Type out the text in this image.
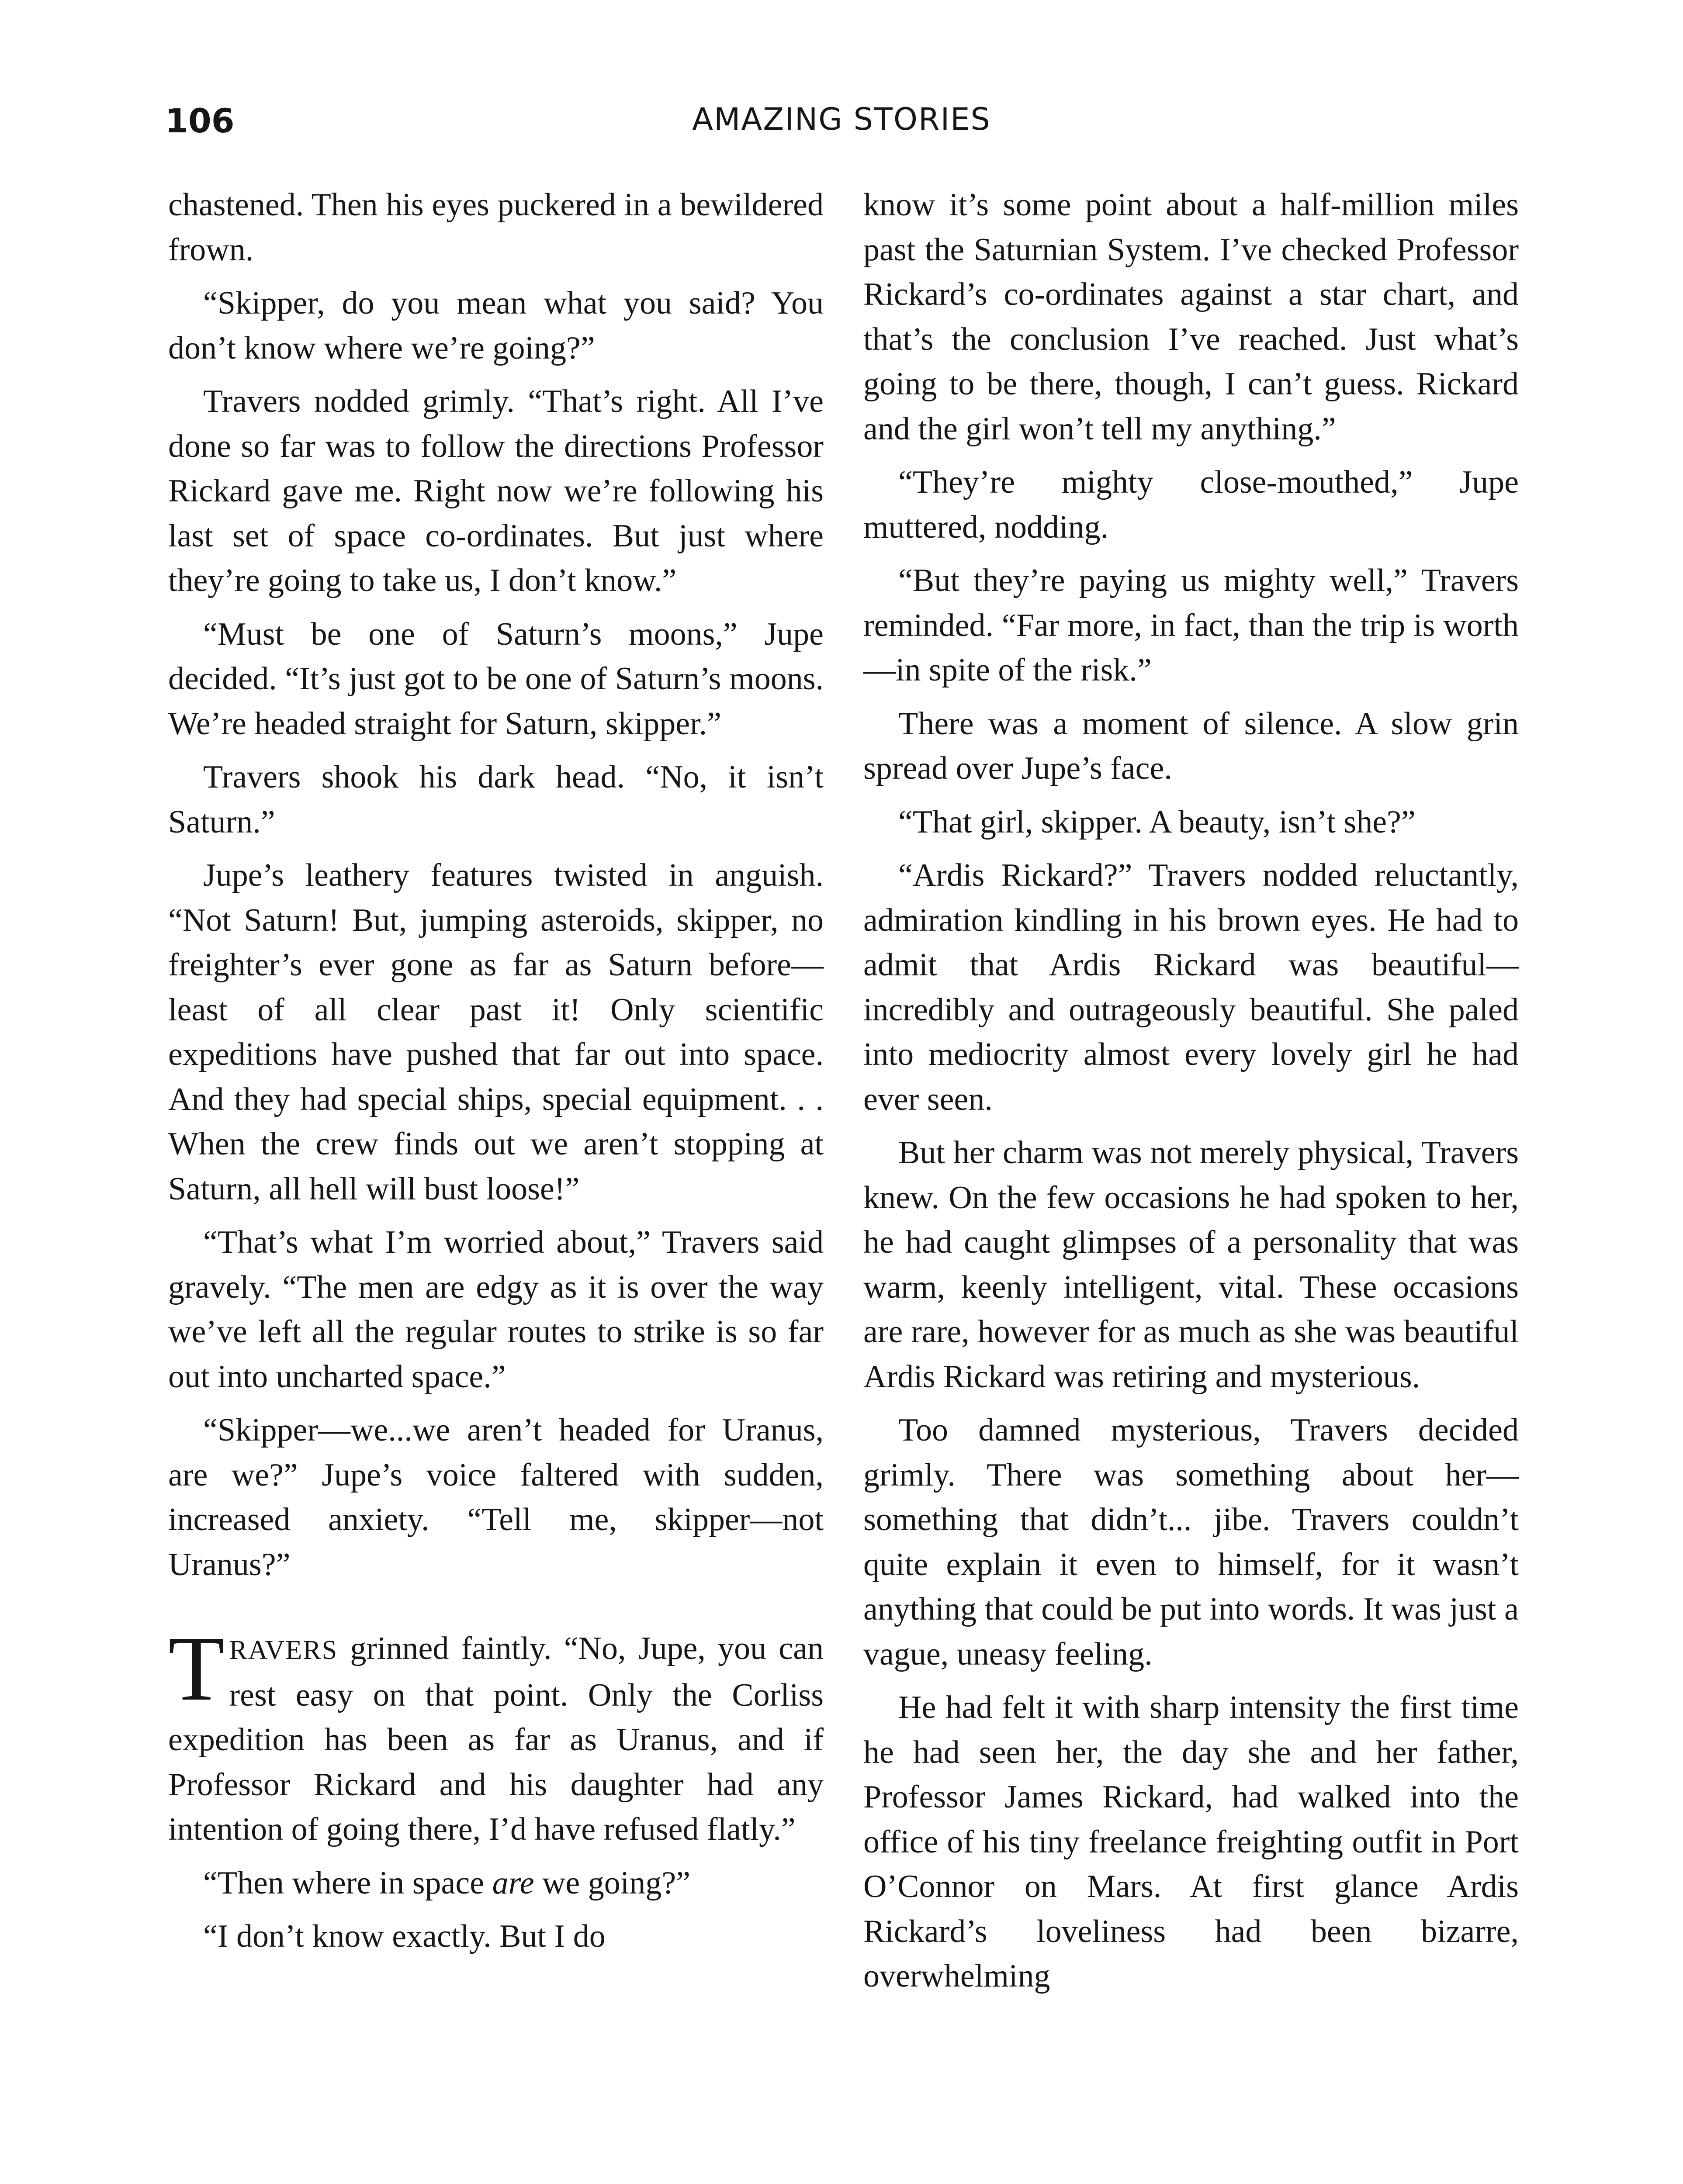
106	AMAZING STORIES

chastened. Then his eyes puckered in a bewildered frown.

“Skipper, do you mean what you said? You don’t know where we’re going?”

Travers nodded grimly. “That’s right. All I’ve done so far was to follow the directions Professor Rickard gave me. Right now we’re following his last set of space co-ordinates. But just where they’re going to take us, I don’t know.”

“Must be one of Saturn’s moons,” Jupe decided. “It’s just got to be one of Saturn’s moons. We’re headed straight for Saturn, skipper.”

Travers shook his dark head. “No, it isn’t Saturn.”

Jupe’s leathery features twisted in anguish. “Not Saturn! But, jumping asteroids, skipper, no freighter’s ever gone as far as Saturn before—least of all clear past it! Only scientific expeditions have pushed that far out into space. And they had special ships, special equipment. . . When the crew finds out we aren’t stopping at Saturn, all hell will bust loose!”

“That’s what I’m worried about,” Travers said gravely. “The men are edgy as it is over the way we’ve left all the regular routes to strike is so far out into uncharted space.”

“Skipper—we...we aren’t headed for Uranus, are we?” Jupe’s voice faltered with sudden, increased anxiety. “Tell me, skipper—not Uranus?”

TRAVERS grinned faintly. “No, Jupe, you can rest easy on that point. Only the Corliss expedition has been as far as Uranus, and if Professor Rickard and his daughter had any intention of going there, I’d have refused flatly.”

“Then where in space are we going?”

“I don’t know exactly. But I do

know it’s some point about a half-million miles past the Saturnian System. I’ve checked Professor Rickard’s co-ordinates against a star chart, and that’s the conclusion I’ve reached. Just what’s going to be there, though, I can’t guess. Rickard and the girl won’t tell my anything.”

“They’re mighty close-mouthed,” Jupe muttered, nodding.

“But they’re paying us mighty well,” Travers reminded. “Far more, in fact, than the trip is worth—in spite of the risk.”

There was a moment of silence. A slow grin spread over Jupe’s face.

“That girl, skipper. A beauty, isn’t she?”

“Ardis Rickard?” Travers nodded reluctantly, admiration kindling in his brown eyes. He had to admit that Ardis Rickard was beautiful—incredibly and outrageously beautiful. She paled into mediocrity almost every lovely girl he had ever seen.

But her charm was not merely physical, Travers knew. On the few occasions he had spoken to her, he had caught glimpses of a personality that was warm, keenly intelligent, vital. These occasions are rare, however for as much as she was beautiful Ardis Rickard was retiring and mysterious.

Too damned mysterious, Travers decided grimly. There was something about her—something that didn’t... jibe. Travers couldn’t quite explain it even to himself, for it wasn’t anything that could be put into words. It was just a vague, uneasy feeling.

He had felt it with sharp intensity the first time he had seen her, the day she and her father, Professor James Rickard, had walked into the office of his tiny freelance freighting outfit in Port O’Connor on Mars. At first glance Ardis Rickard’s loveliness had been bizarre, overwhelming
